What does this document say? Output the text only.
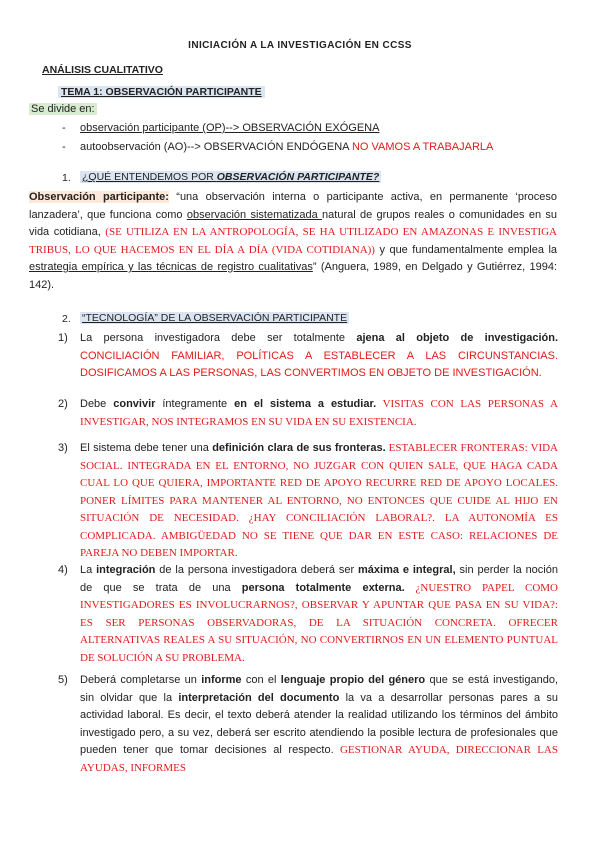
INICIACIÓN A LA INVESTIGACIÓN EN CCSS
ANÁLISIS CUALITATIVO
TEMA 1: OBSERVACIÓN PARTICIPANTE
Se divide en:
- observación participante (OP)--> OBSERVACIÓN EXÓGENA
- autoobservación (AO)--> OBSERVACIÓN ENDÓGENA NO VAMOS A TRABAJARLA
1. ¿QUÉ ENTENDEMOS POR OBSERVACIÓN PARTICIPANTE?
Observación participante: “una observación interna o participante activa, en permanente ‘proceso lanzadera’, que funciona como observación sistematizada natural de grupos reales o comunidades en su vida cotidiana, (SE UTILIZA EN LA ANTROPOLOGÍA, SE HA UTILIZADO EN AMAZONAS E INVESTIGA TRIBUS, LO QUE HACEMOS EN EL DÍA A DÍA (VIDA COTIDIANA)) y que fundamentalmente emplea la estrategia empírica y las técnicas de registro cualitativas” (Anguera, 1989, en Delgado y Gutiérrez, 1994: 142).
2. “TECNOLOGÍA” DE LA OBSERVACIÓN PARTICIPANTE
1) La persona investigadora debe ser totalmente ajena al objeto de investigación. CONCILIACIÓN FAMILIAR, POLÍTICAS A ESTABLECER A LAS CIRCUNSTANCIAS. DOSIFICAMOS A LAS PERSONAS, LAS CONVERTIMOS EN OBJETO DE INVESTIGACIÓN.
2) Debe convivir íntegramente en el sistema a estudiar. VISITAS CON LAS PERSONAS A INVESTIGAR, NOS INTEGRAMOS EN SU VIDA EN SU EXISTENCIA.
3) El sistema debe tener una definición clara de sus fronteras. ESTABLECER FRONTERAS: VIDA SOCIAL. INTEGRADA EN EL ENTORNO, NO JUZGAR CON QUIEN SALE, QUE HAGA CADA CUAL LO QUE QUIERA, IMPORTANTE RED DE APOYO RECURRE RED DE APOYO LOCALES. PONER LÍMITES PARA MANTENER AL ENTORNO, NO ENTONCES QUE CUIDE AL HIJO EN SITUACIÓN DE NECESIDAD. ¿HAY CONCILIACIÓN LABORAL?. LA AUTONOMÍA ES COMPLICADA. AMBIGÜEDAD NO SE TIENE QUE DAR EN ESTE CASO: RELACIONES DE PAREJA NO DEBEN IMPORTAR.
4) La integración de la persona investigadora deberá ser máxima e integral, sin perder la noción de que se trata de una persona totalmente externa. ¿NUESTRO PAPEL COMO INVESTIGADORES ES INVOLUCRARNOS?, OBSERVAR Y APUNTAR QUE PASA EN SU VIDA?: ES SER PERSONAS OBSERVADORAS, DE LA SITUACIÓN CONCRETA. OFRECER ALTERNATIVAS REALES A SU SITUACIÓN, NO CONVERTIRNOS EN UN ELEMENTO PUNTUAL DE SOLUCIÓN A SU PROBLEMA.
5) Deberá completarse un informe con el lenguaje propio del género que se está investigando, sin olvidar que la interpretación del documento la va a desarrollar personas pares a su actividad laboral. Es decir, el texto deberá atender la realidad utilizando los términos del ámbito investigado pero, a su vez, deberá ser escrito atendiendo la posible lectura de profesionales que pueden tener que tomar decisiones al respecto. GESTIONAR AYUDA, DIRECCIONAR LAS AYUDAS, INFORMES
